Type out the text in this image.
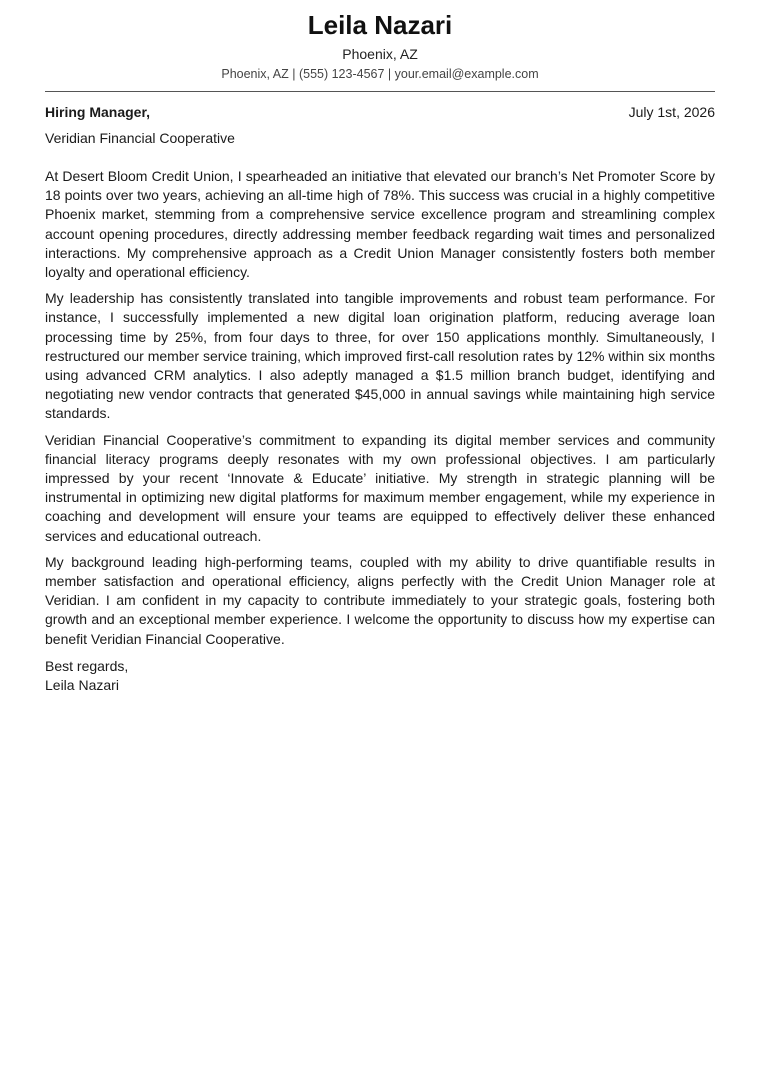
Leila Nazari
Phoenix, AZ
Phoenix, AZ | (555) 123-4567 | your.email@example.com
Hiring Manager,	July 1st, 2026
Veridian Financial Cooperative

At Desert Bloom Credit Union, I spearheaded an initiative that elevated our branch’s Net Promoter Score by 18 points over two years, achieving an all-time high of 78%. This success was crucial in a highly competitive Phoenix market, stemming from a comprehensive service excellence program and streamlining complex account opening procedures, directly addressing member feedback regarding wait times and personalized interactions. My comprehensive approach as a Credit Union Manager consistently fosters both member loyalty and operational efficiency.

My leadership has consistently translated into tangible improvements and robust team performance. For instance, I successfully implemented a new digital loan origination platform, reducing average loan processing time by 25%, from four days to three, for over 150 applications monthly. Simultaneously, I restructured our member service training, which improved first-call resolution rates by 12% within six months using advanced CRM analytics. I also adeptly managed a $1.5 million branch budget, identifying and negotiating new vendor contracts that generated $45,000 in annual savings while maintaining high service standards.

Veridian Financial Cooperative’s commitment to expanding its digital member services and community financial literacy programs deeply resonates with my own professional objectives. I am particularly impressed by your recent ‘Innovate & Educate’ initiative. My strength in strategic planning will be instrumental in optimizing new digital platforms for maximum member engagement, while my experience in coaching and development will ensure your teams are equipped to effectively deliver these enhanced services and educational outreach.

My background leading high-performing teams, coupled with my ability to drive quantifiable results in member satisfaction and operational efficiency, aligns perfectly with the Credit Union Manager role at Veridian. I am confident in my capacity to contribute immediately to your strategic goals, fostering both growth and an exceptional member experience. I welcome the opportunity to discuss how my expertise can benefit Veridian Financial Cooperative.

Best regards,
Leila Nazari
